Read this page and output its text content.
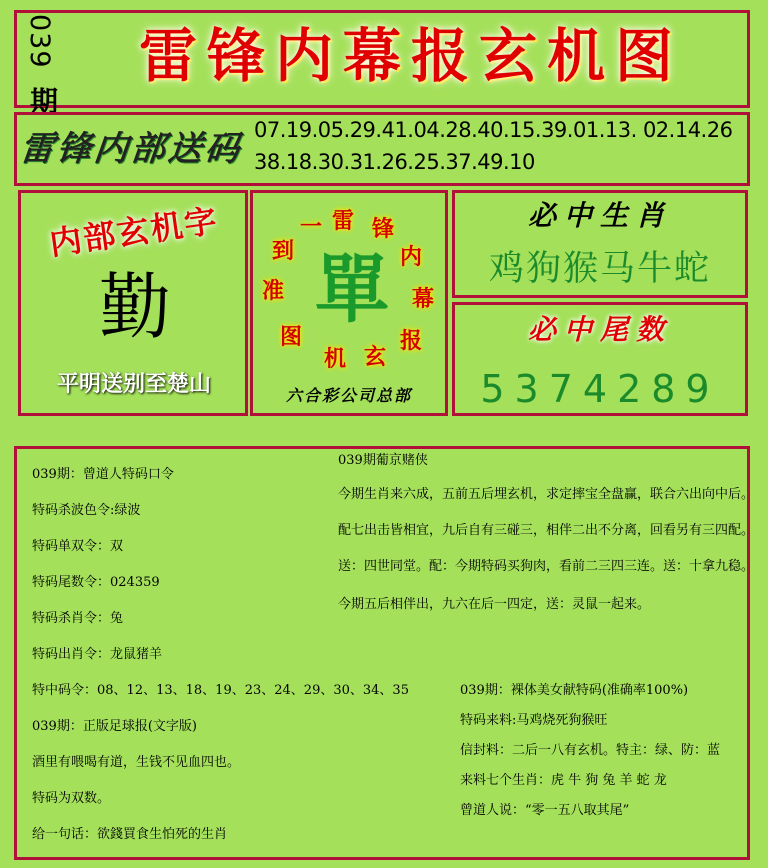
039
期
雷锋内幕报玄机图
雷锋内部送码 07.19.05.29.41.04.28.40.15.39.01.13. 02.14.26
38.18.30.31.26.25.37.49.10
内部玄机字
勤
平明送别至楚山
雷 锋
内
幕
报
玄
机
图
准
到
一
單
六合彩公司总部
必中生肖
鸡狗猴马牛蛇
必中尾数
5374289
039期：曾道人特码口令
特码杀波色令:绿波
特码单双令：双
特码尾数令：024359
特码杀肖令：兔
特码出肖令：龙鼠猪羊
039期葡京赌侠
今期生肖来六成，五前五后埋玄机，求定摔宝全盘赢，联合六出向中后。
配七出击皆相宜，九后自有三碰三，相伴二出不分离，回看另有三四配。
送：四世同堂。配：今期特码买狗肉，看前二三四三连。送：十拿九稳。
今期五后相伴出，九六在后一四定，送：灵鼠一起来。
特中码令：08、12、13、18、19、23、24、29、30、34、35
039期：正版足球报(文字版)
酒里有喂喝有道，生钱不见血四也。
特码为双数。
给一句话：欲錢買食生怕死的生肖
039期：裸体美女献特码(准确率100%)
特码来料:马鸡烧死狗猴旺
信封料：二后一八有玄机。特主：绿、防：蓝
来料七个生肖：虎 牛 狗 兔 羊 蛇 龙
曾道人说：“零一五八取其尾”
